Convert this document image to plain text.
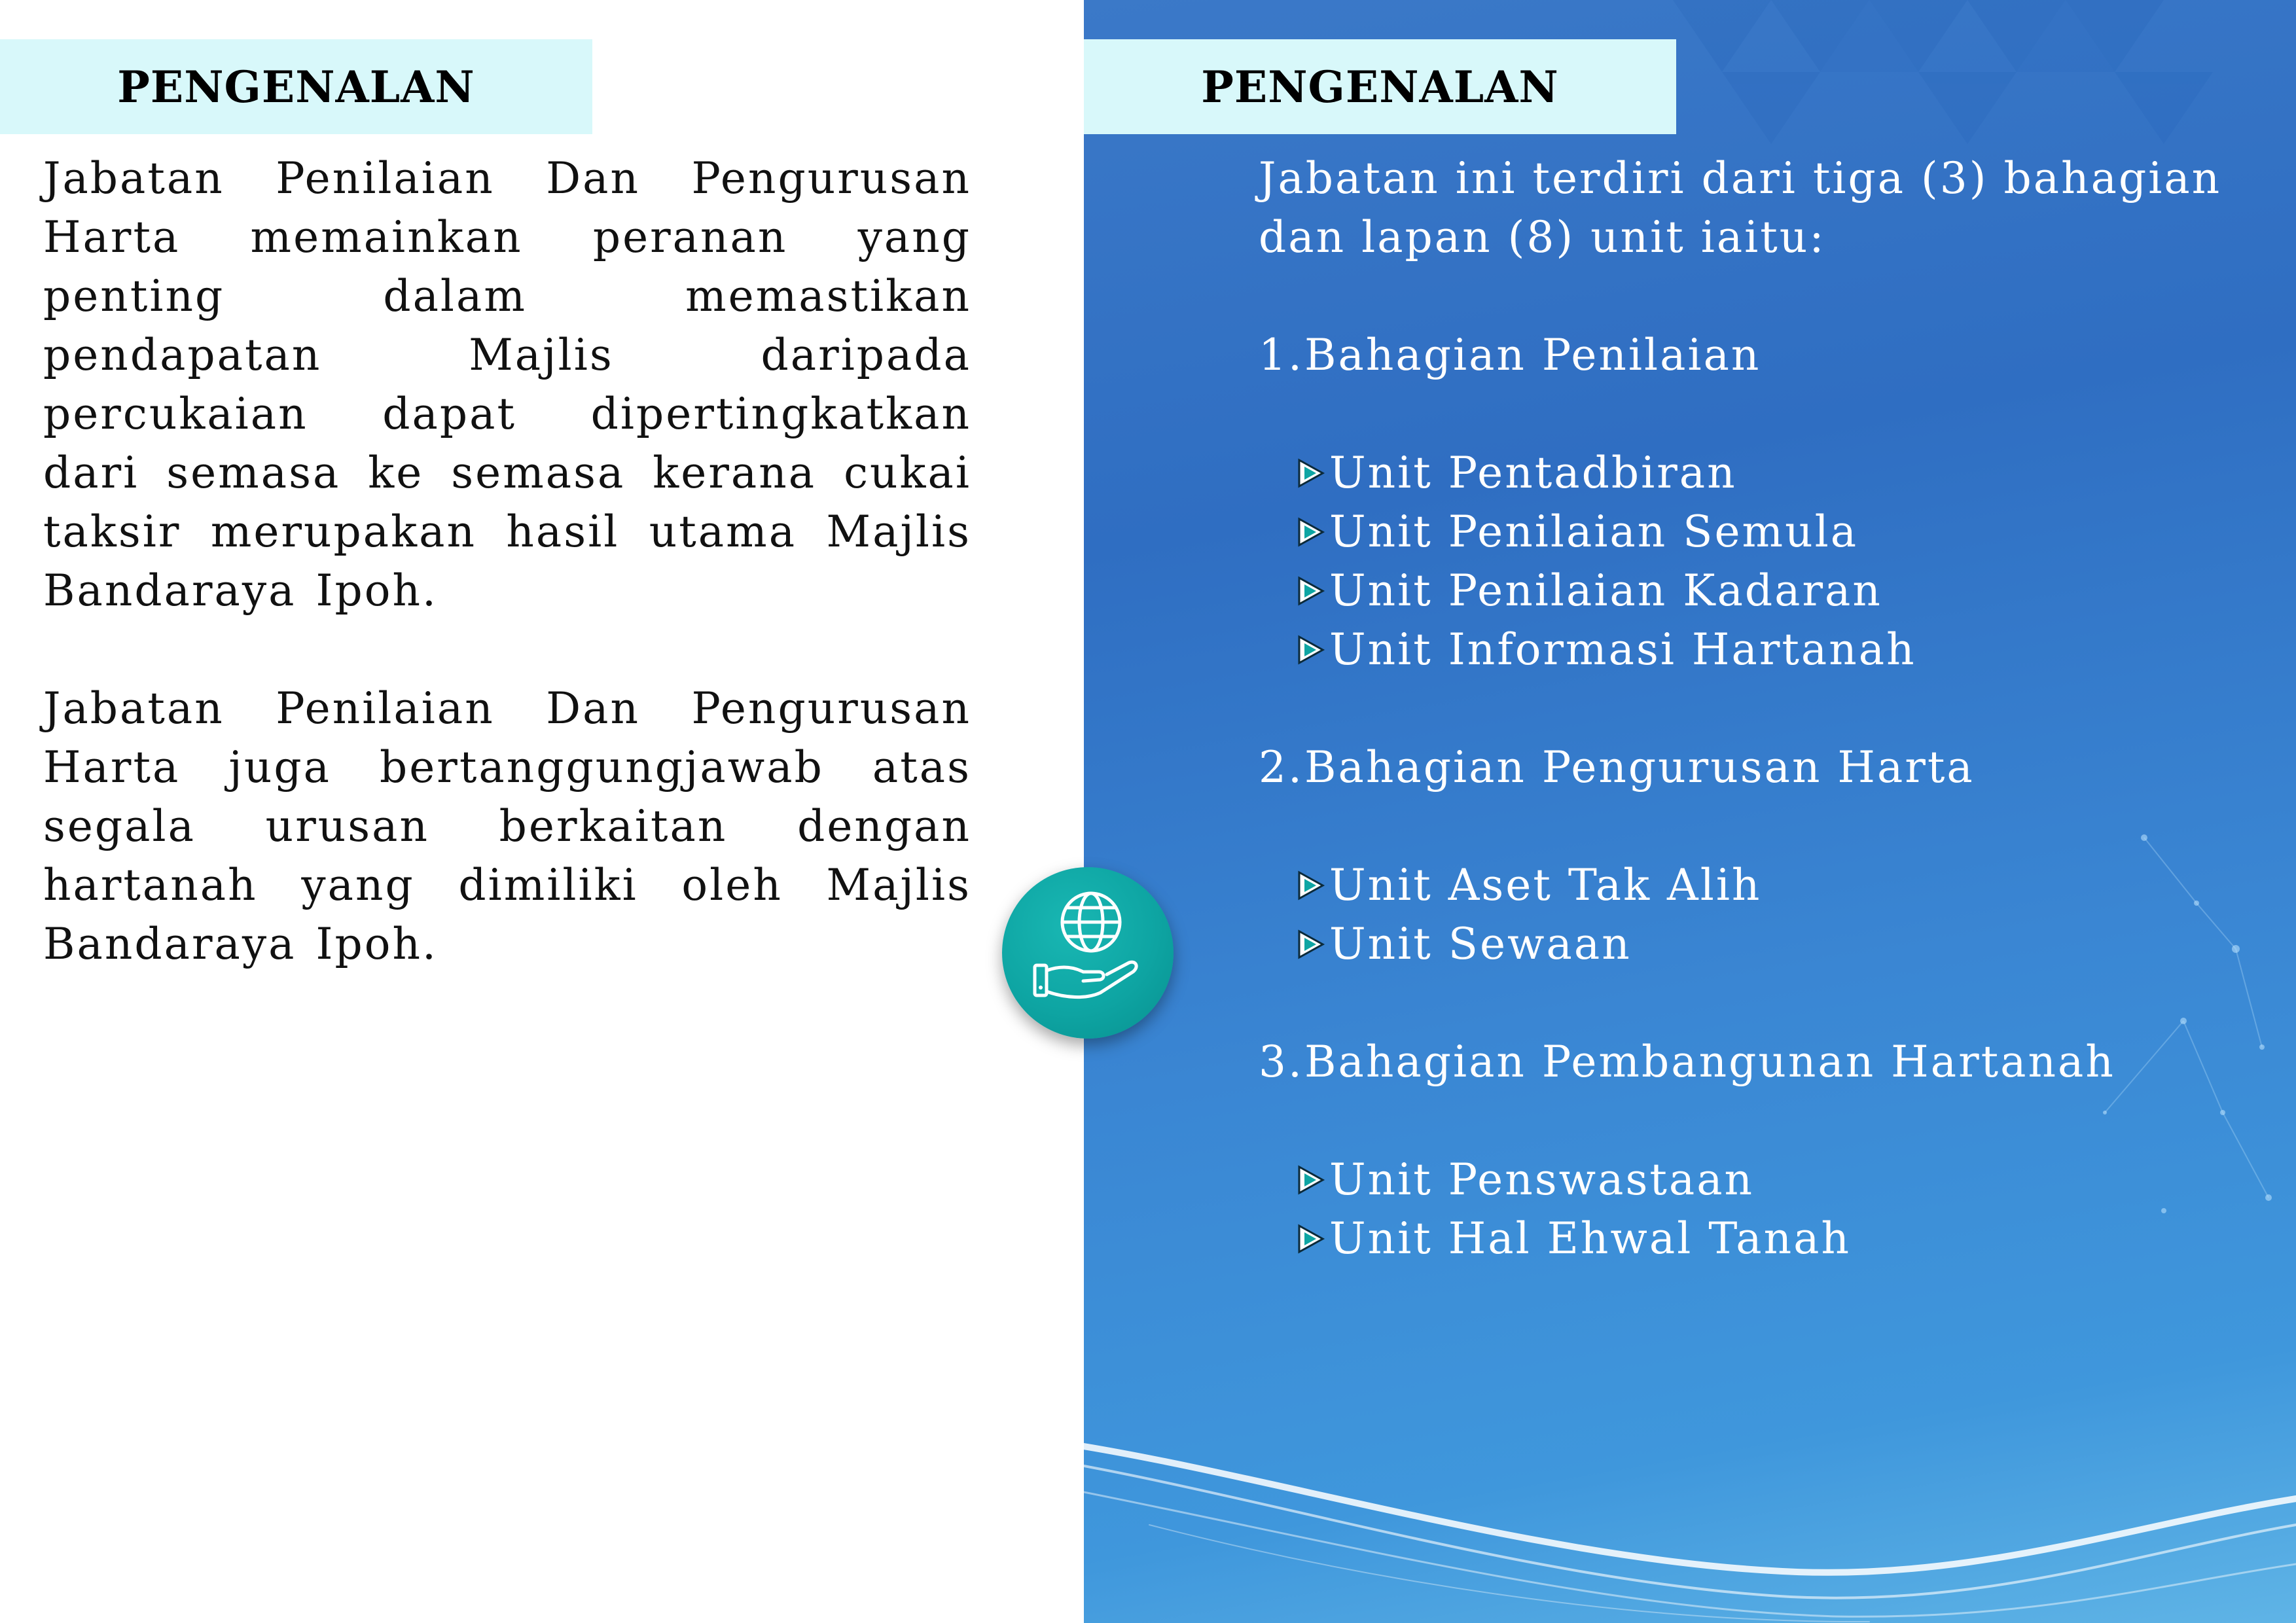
PENGENALAN

Jabatan Penilaian Dan Pengurusan Harta memainkan peranan yang penting dalam memastikan pendapatan Majlis daripada percukaian dapat dipertingkatkan dari semasa ke semasa kerana cukai taksir merupakan hasil utama Majlis Bandaraya Ipoh.

Jabatan Penilaian Dan Pengurusan Harta juga bertanggungjawab atas segala urusan berkaitan dengan hartanah yang dimiliki oleh Majlis Bandaraya Ipoh.

PENGENALAN

Jabatan ini terdiri dari tiga (3) bahagian dan lapan (8) unit iaitu:

1. Bahagian Penilaian
Unit Pentadbiran
Unit Penilaian Semula
Unit Penilaian Kadaran
Unit Informasi Hartanah
2. Bahagian Pengurusan Harta
Unit Aset Tak Alih
Unit Sewaan
3. Bahagian Pembangunan Hartanah
Unit Penswastaan
Unit Hal Ehwal Tanah
